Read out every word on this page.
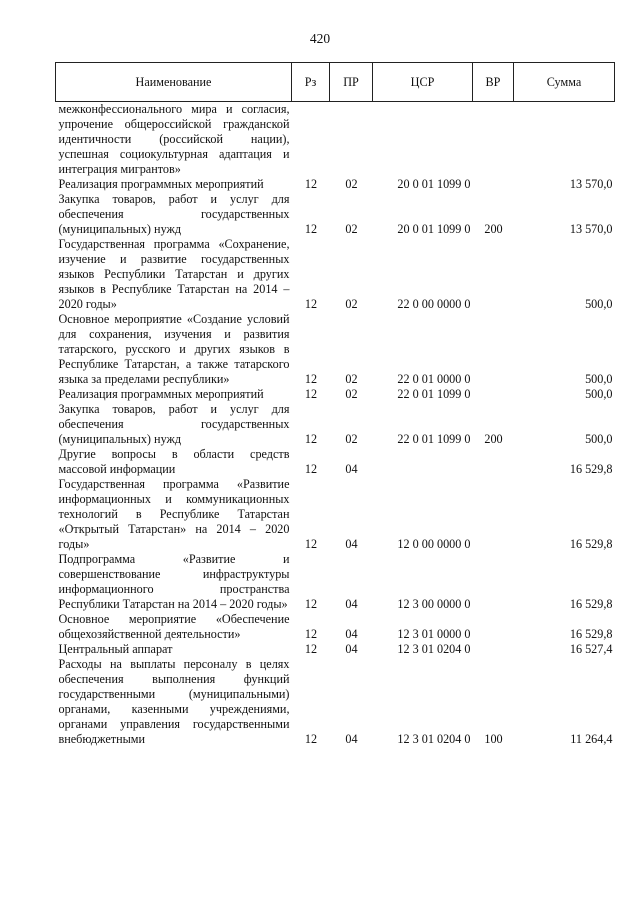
420
Наименование	Рз	ПР	ЦСР	ВР	Сумма
межконфессионального мира и согласия, упрочение общероссийской гражданской идентичности (российской нации), успешная социокультурная адаптация и интеграция мигрантов»					
Реализация программных мероприятий	12	02	20 0 01 1099 0		13 570,0
Закупка товаров, работ и услуг для обеспечения государственных (муниципальных) нужд	12	02	20 0 01 1099 0	200	13 570,0
Государственная программа «Сохранение, изучение и развитие государственных языков Республики Татарстан и других языков в Республике Татарстан на 2014 – 2020 годы»	12	02	22 0 00 0000 0		500,0
Основное мероприятие «Создание условий для сохранения, изучения и развития татарского, русского и других языков в Республике Татарстан, а также татарского языка за пределами республики»	12	02	22 0 01 0000 0		500,0
Реализация программных мероприятий	12	02	22 0 01 1099 0		500,0
Закупка товаров, работ и услуг для обеспечения государственных (муниципальных) нужд	12	02	22 0 01 1099 0	200	500,0
Другие вопросы в области средств массовой информации	12	04			16 529,8
Государственная программа «Развитие информационных и коммуникационных технологий в Республике Татарстан «Открытый Татарстан» на 2014 – 2020 годы»	12	04	12 0 00 0000 0		16 529,8
Подпрограмма «Развитие и совершенствование инфраструктуры информационного пространства Республики Татарстан на 2014 – 2020 годы»	12	04	12 3 00 0000 0		16 529,8
Основное мероприятие «Обеспечение общехозяйственной деятельности»	12	04	12 3 01 0000 0		16 529,8
Центральный аппарат	12	04	12 3 01 0204 0		16 527,4
Расходы на выплаты персоналу в целях обеспечения выполнения функций государственными (муниципальными) органами, казенными учреждениями, органами управления государственными внебюджетными	12	04	12 3 01 0204 0	100	11 264,4
